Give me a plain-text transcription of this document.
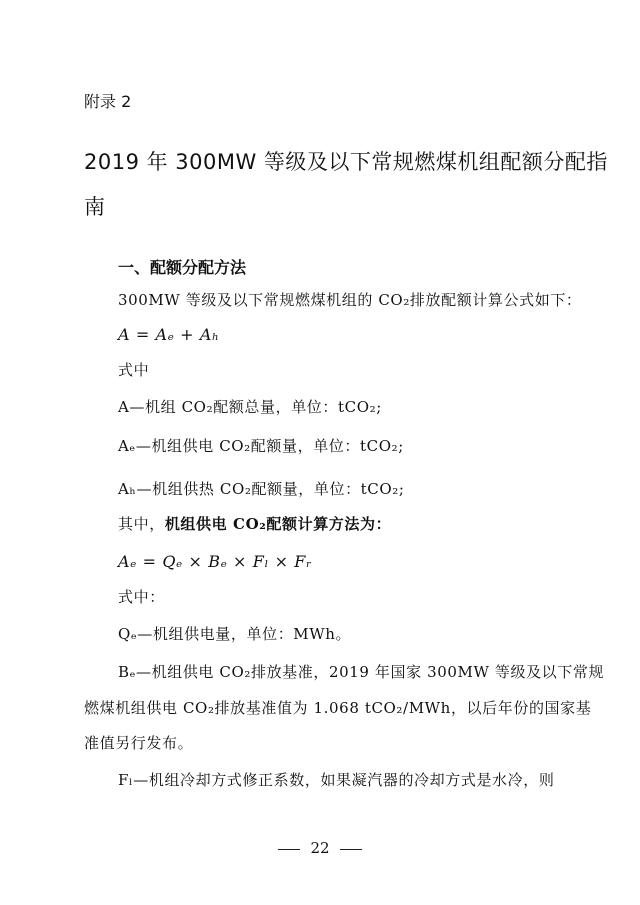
附录 2
2019 年 300MW 等级及以下常规燃煤机组配额分配指
南
一、配额分配方法
300MW 等级及以下常规燃煤机组的 CO₂排放配额计算公式如下：
A = Aₑ + Aₕ
式中
A—机组 CO₂配额总量，单位：tCO₂;
Aₑ—机组供电 CO₂配额量，单位：tCO₂;
Aₕ—机组供热 CO₂配额量，单位：tCO₂;
其中，机组供电 CO₂配额计算方法为：
Aₑ = Qₑ × Bₑ × Fₗ × Fᵣ
式中：
Qₑ—机组供电量，单位：MWh。
Bₑ—机组供电 CO₂排放基准，2019 年国家 300MW 等级及以下常规
燃煤机组供电 CO₂排放基准值为 1.068 tCO₂/MWh，以后年份的国家基
准值另行发布。
Fₗ—机组冷却方式修正系数，如果凝汽器的冷却方式是水冷，则
22
